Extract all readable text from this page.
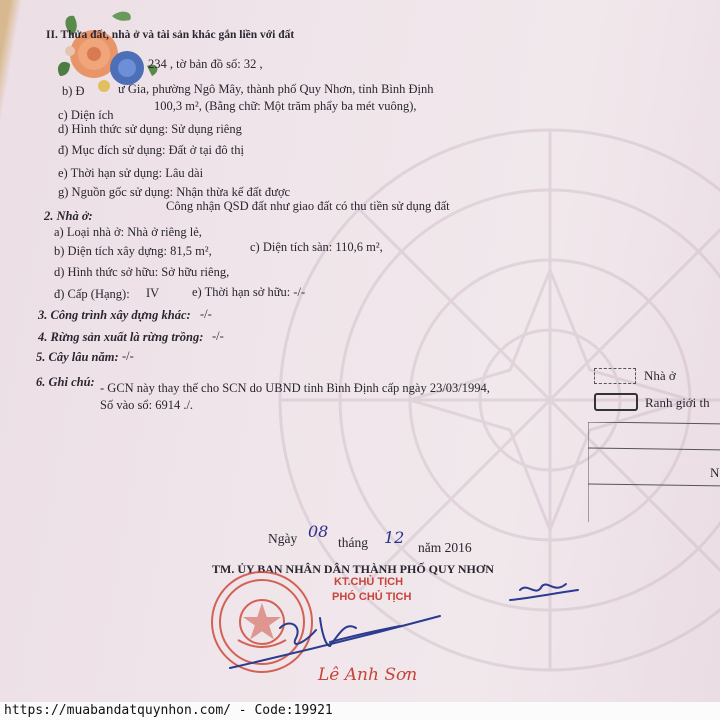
II. Thửa đất, nhà ở và tài sản khác gắn liền với đất
234 , tờ bản đồ số: 32 ,
b) Đ	ư Gia, phường Ngô Mây, thành phố Quy Nhơn, tỉnh Bình Định
c) Diện ích
100,3 m², (Bằng chữ: Một trăm phẩy ba mét vuông),
d) Hình thức sử dụng: Sử dụng riêng
đ) Mục đích sử dụng: Đất ở tại đô thị
e) Thời hạn sử dụng: Lâu dài
g) Nguồn gốc sử dụng: Nhận thừa kế đất được
Công nhận QSD đất như giao đất có thu tiền sử dụng đất
2. Nhà ở:
a) Loại nhà ở: Nhà ở riêng lẻ,
b) Diện tích xây dựng: 81,5 m²,	c) Diện tích sàn: 110,6 m²,
d) Hình thức sở hữu: Sở hữu riêng,
đ) Cấp (Hạng): IV	e) Thời hạn sở hữu: -/-
3. Công trình xây dựng khác: -/-
4. Rừng sản xuất là rừng trồng: -/-
5. Cây lâu năm: -/-
6. Ghi chú: - GCN này thay thế cho SCN do UBND tỉnh Bình Định cấp ngày 23/03/1994,
Số vào sổ: 6914 ./.
Nhà ở
Ranh giới th
N
Ngày 08
tháng 12
năm 2016
TM. ỦY BAN NHÂN DÂN THÀNH PHỐ QUY NHƠN
KT.CHỦ TỊCH
PHÓ CHỦ TỊCH
Lê Anh Sơn
https://muabandatquynhon.com/ - Code:19921
